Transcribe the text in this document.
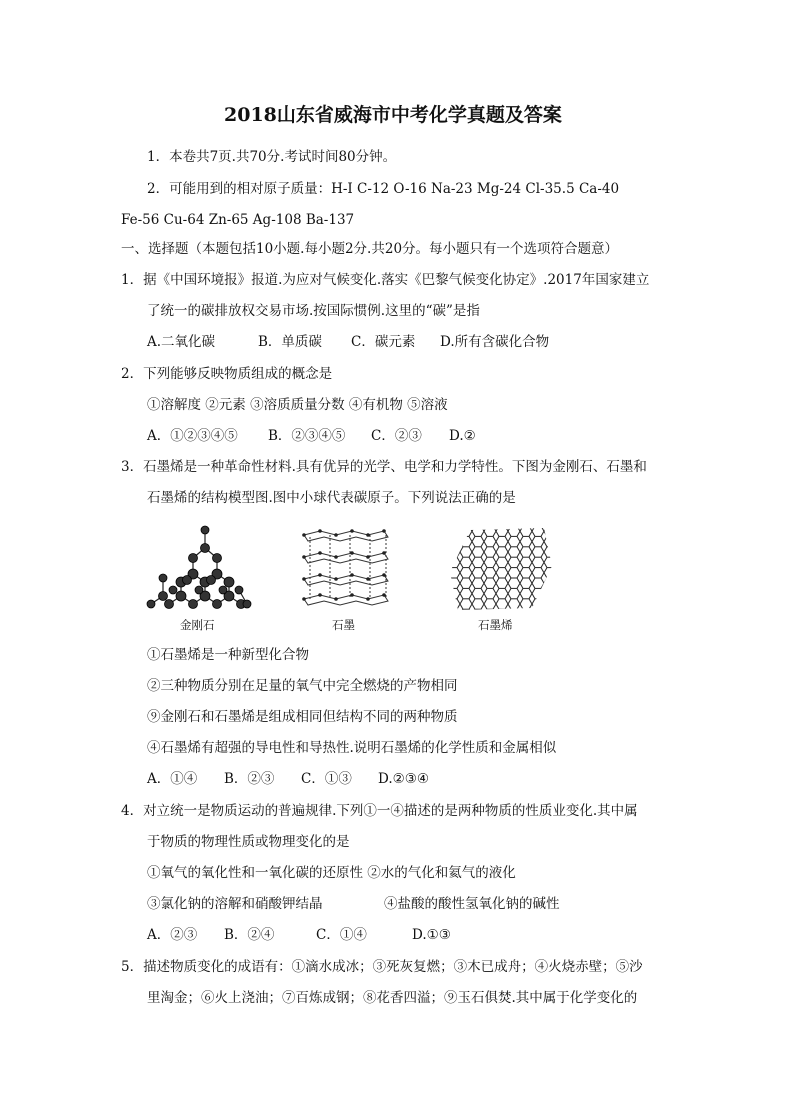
2018山东省威海市中考化学真题及答案
1．本卷共7页.共70分.考试时间80分钟。
2．可能用到的相对原子质量：H-I C-12 O-16 Na-23 Mg-24 Cl-35.5 Ca-40
Fe-56 Cu-64 Zn-65 Ag-108 Ba-137
一、选择题（本题包括10小题.每小题2分.共20分。每小题只有一个选项符合题意）
1．据《中国环境报》报道.为应对气候变化.落实《巴黎气候变化协定》.2017年国家建立
了统一的碳排放权交易市场.按国际惯例.这里的“碳”是指
A.二氧化碳	B．单质碳 C．碳元素 D.所有含碳化合物
2．下列能够反映物质组成的概念是
①溶解度 ②元素 ③溶质质量分数 ④有机物 ⑤溶液
A．①②③④⑤ B．②③④⑤ C．②③ D.②
3．石墨烯是一种革命性材料.具有优异的光学、电学和力学特性。下图为金刚石、石墨和
石墨烯的结构模型图.图中小球代表碳原子。下列说法正确的是
金刚石	石墨	石墨烯
①石墨烯是一种新型化合物
②三种物质分别在足量的氧气中完全燃烧的产物相同
⑨金刚石和石墨烯是组成相同但结构不同的两种物质
④石墨烯有超强的导电性和导热性.说明石墨烯的化学性质和金属相似
A．①④ B．②③ C．①③ D.②③④
4．对立统一是物质运动的普遍规律.下列①一④描述的是两种物质的性质业变化.其中属
于物质的物理性质或物理变化的是
①氧气的氧化性和一氧化碳的还原性 ②水的气化和氦气的液化
③氯化钠的溶解和硝酸钾结晶	④盐酸的酸性氢氧化钠的碱性
A．②③ B．②④	C．①④	D.①③
5．描述物质变化的成语有：①滴水成冰；③死灰复燃；③木已成舟；④火烧赤壁；⑤沙
里淘金；⑥火上浇油；⑦百炼成钢；⑧花香四溢；⑨玉石俱焚.其中属于化学变化的
